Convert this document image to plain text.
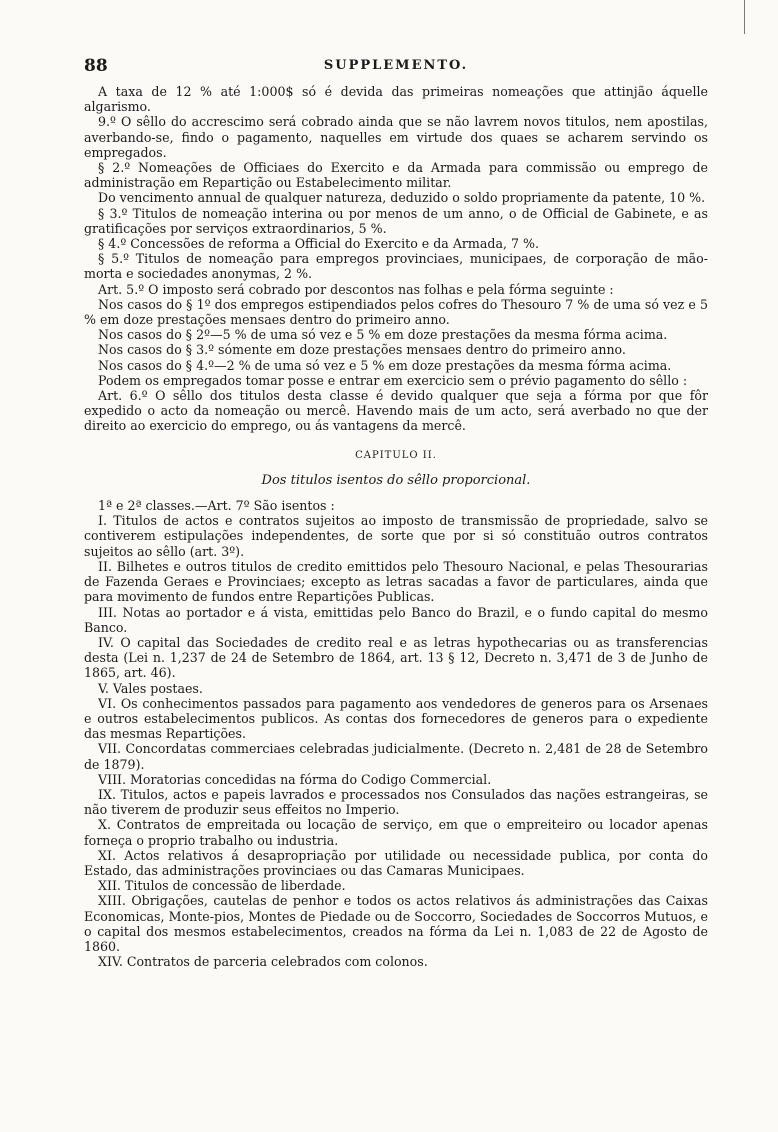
88	SUPPLEMENTO.

A taxa de 12 % até 1:000$ só é devida das primeiras nomeações que attinjão áquelle algarismo.

9.º O sêllo do accrescimo será cobrado ainda que se não lavrem novos titulos, nem apostilas, averbando-se, findo o pagamento, naquelles em virtude dos quaes se acharem servindo os empregados.

§ 2.º Nomeações de Officiaes do Exercito e da Armada para commissão ou emprego de administração em Repartição ou Estabelecimento militar.

Do vencimento annual de qualquer natureza, deduzido o soldo propriamente da patente, 10 %.

§ 3.º Titulos de nomeação interina ou por menos de um anno, o de Official de Gabinete, e as gratificações por serviços extraordinarios, 5 %.

§ 4.º Concessões de reforma a Official do Exercito e da Armada, 7 %.

§ 5.º Titulos de nomeação para empregos provinciaes, municipaes, de corporação de mão-morta e sociedades anonymas, 2 %.

Art. 5.º O imposto será cobrado por descontos nas folhas e pela fórma seguinte :

Nos casos do § 1º dos empregos estipendiados pelos cofres do Thesouro 7 % de uma só vez e 5 % em doze prestações mensaes dentro do primeiro anno.

Nos casos do § 2º—5 % de uma só vez e 5 % em doze prestações da mesma fórma acima.

Nos casos do § 3.º sómente em doze prestações mensaes dentro do primeiro anno.

Nos casos do § 4.º—2 % de uma só vez e 5 % em doze prestações da mesma fórma acima.

Podem os empregados tomar posse e entrar em exercicio sem o prévio pagamento do sêllo :

Art. 6.º O sêllo dos titulos desta classe é devido qualquer que seja a fórma por que fôr expedido o acto da nomeação ou mercê. Havendo mais de um acto, será averbado no que der direito ao exercicio do emprego, ou ás vantagens da mercê.

CAPITULO II.
Dos titulos isentos do sêllo proporcional.

1ª e 2ª classes.—Art. 7º São isentos :

I. Titulos de actos e contratos sujeitos ao imposto de transmissão de propriedade, salvo se contiverem estipulações independentes, de sorte que por si só constituão outros contratos sujeitos ao sêllo (art. 3º).

II. Bilhetes e outros titulos de credito emittidos pelo Thesouro Nacional, e pelas Thesourarias de Fazenda Geraes e Provinciaes; excepto as letras sacadas a favor de particulares, ainda que para movimento de fundos entre Repartições Publicas.

III. Notas ao portador e á vista, emittidas pelo Banco do Brazil, e o fundo capital do mesmo Banco.

IV. O capital das Sociedades de credito real e as letras hypothecarias ou as transferencias desta (Lei n. 1,237 de 24 de Setembro de 1864, art. 13 § 12, Decreto n. 3,471 de 3 de Junho de 1865, art. 46).

V. Vales postaes.

VI. Os conhecimentos passados para pagamento aos vendedores de generos para os Arsenaes e outros estabelecimentos publicos. As contas dos fornecedores de generos para o expediente das mesmas Repartições.

VII. Concordatas commerciaes celebradas judicialmente. (Decreto n. 2,481 de 28 de Setembro de 1879).

VIII. Moratorias concedidas na fórma do Codigo Commercial.

IX. Titulos, actos e papeis lavrados e processados nos Consulados das nações estrangeiras, se não tiverem de produzir seus effeitos no Imperio.

X. Contratos de empreitada ou locação de serviço, em que o empreiteiro ou locador apenas forneça o proprio trabalho ou industria.

XI. Actos relativos á desapropriação por utilidade ou necessidade publica, por conta do Estado, das administrações provinciaes ou das Camaras Municipaes.

XII. Titulos de concessão de liberdade.

XIII. Obrigações, cautelas de penhor e todos os actos relativos ás administrações das Caixas Economicas, Monte-pios, Montes de Piedade ou de Soccorro, Sociedades de Soccorros Mutuos, e o capital dos mesmos estabelecimentos, creados na fórma da Lei n. 1,083 de 22 de Agosto de 1860.

XIV. Contratos de parceria celebrados com colonos.
